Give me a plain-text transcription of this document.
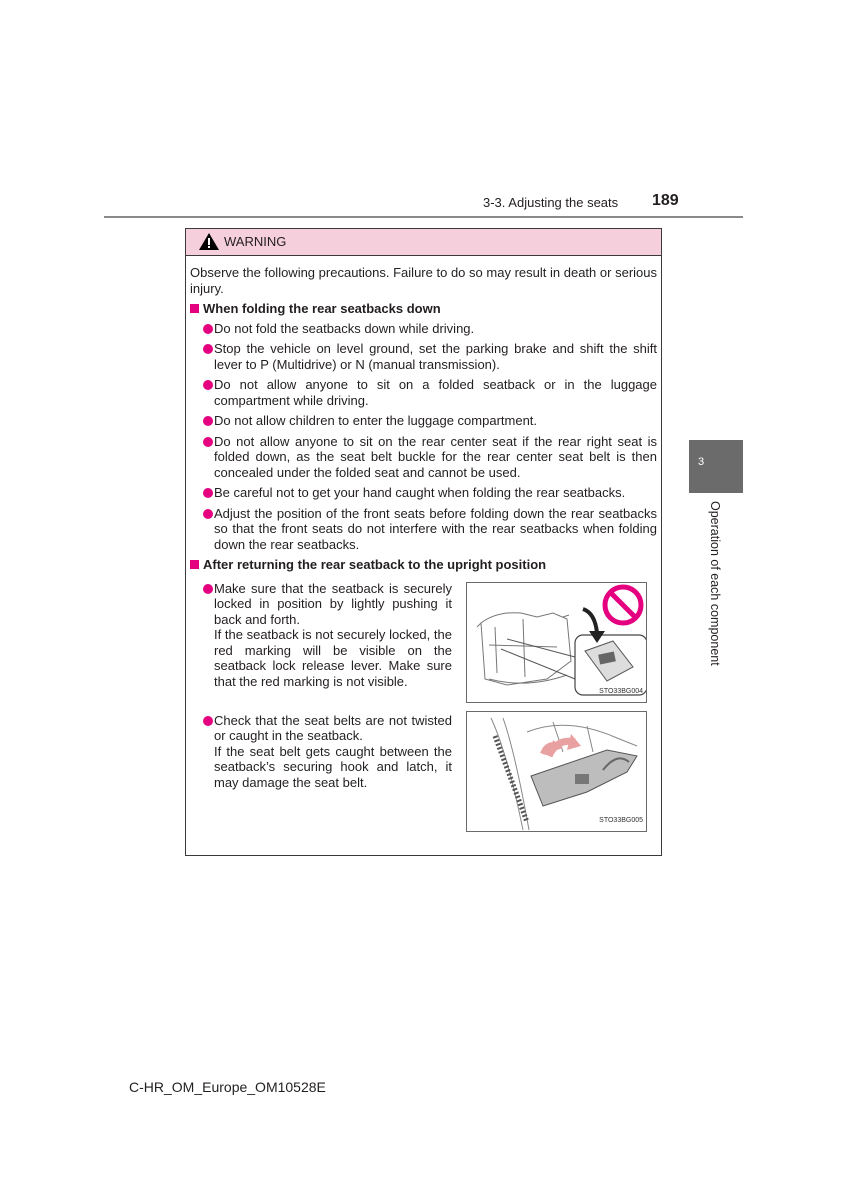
3-3. Adjusting the seats 189
3
Operation of each component
WARNING

Observe the following precautions. Failure to do so may result in death or serious injury.

When folding the rear seatbacks down

Do not fold the seatbacks down while driving.

Stop the vehicle on level ground, set the parking brake and shift the shift lever to P (Multidrive) or N (manual transmission).

Do not allow anyone to sit on a folded seatback or in the luggage compartment while driving.

Do not allow children to enter the luggage compartment.

Do not allow anyone to sit on the rear center seat if the rear right seat is folded down, as the seat belt buckle for the rear center seat belt is then concealed under the folded seat and cannot be used.

Be careful not to get your hand caught when folding the rear seatbacks.

Adjust the position of the front seats before folding down the rear seatbacks so that the front seats do not interfere with the rear seatbacks when folding down the rear seatbacks.

After returning the rear seatback to the upright position

Make sure that the seatback is securely locked in position by lightly pushing it back and forth.
If the seatback is not securely locked, the red marking will be visible on the seatback lock release lever. Make sure that the red marking is not visible.
STO33BG004
Check that the seat belts are not twisted or caught in the seatback.
If the seat belt gets caught between the seatback’s securing hook and latch, it may damage the seat belt.
STO33BG005
C-HR_OM_Europe_OM10528E
